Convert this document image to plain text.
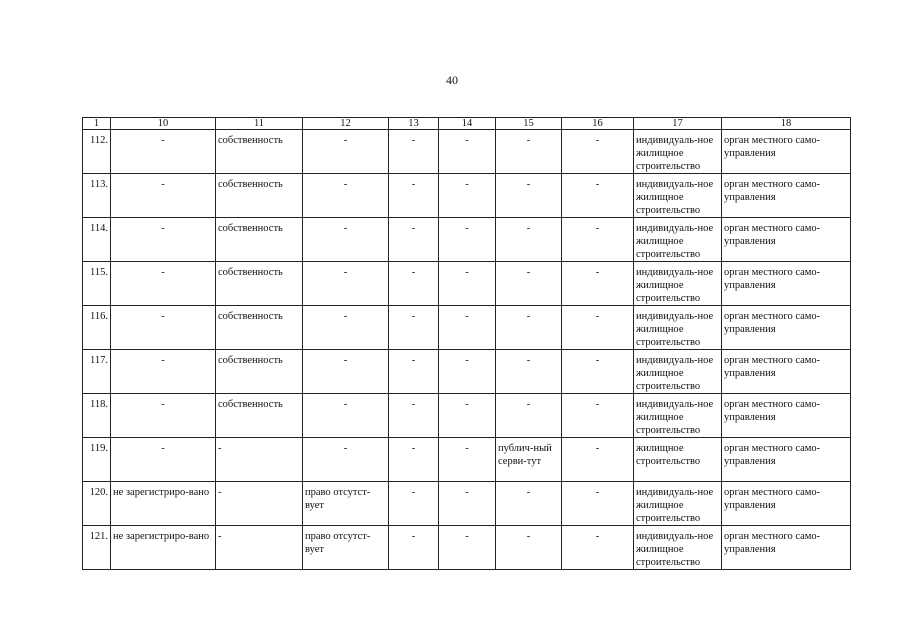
40
1	10	11	12	13	14	15	16	17	18
112.	-	собственность	-	-	-	-	-	индивидуаль-ное жилищное строительство	орган местного само-управления
113.	-	собственность	-	-	-	-	-	индивидуаль-ное жилищное строительство	орган местного само-управления
114.	-	собственность	-	-	-	-	-	индивидуаль-ное жилищное строительство	орган местного само-управления
115.	-	собственность	-	-	-	-	-	индивидуаль-ное жилищное строительство	орган местного само-управления
116.	-	собственность	-	-	-	-	-	индивидуаль-ное жилищное строительство	орган местного само-управления
117.	-	собственность	-	-	-	-	-	индивидуаль-ное жилищное строительство	орган местного само-управления
118.	-	собственность	-	-	-	-	-	индивидуаль-ное жилищное строительство	орган местного само-управления
119.	-	-	-	-	-	публич-ный серви-тут	-	жилищное строительство	орган местного само-управления
120.	не зарегистриро-вано	-	право отсутст-вует	-	-	-	-	индивидуаль-ное жилищное строительство	орган местного само-управления
121.	не зарегистриро-вано	-	право отсутст-вует	-	-	-	-	индивидуаль-ное жилищное строительство	орган местного само-управления
